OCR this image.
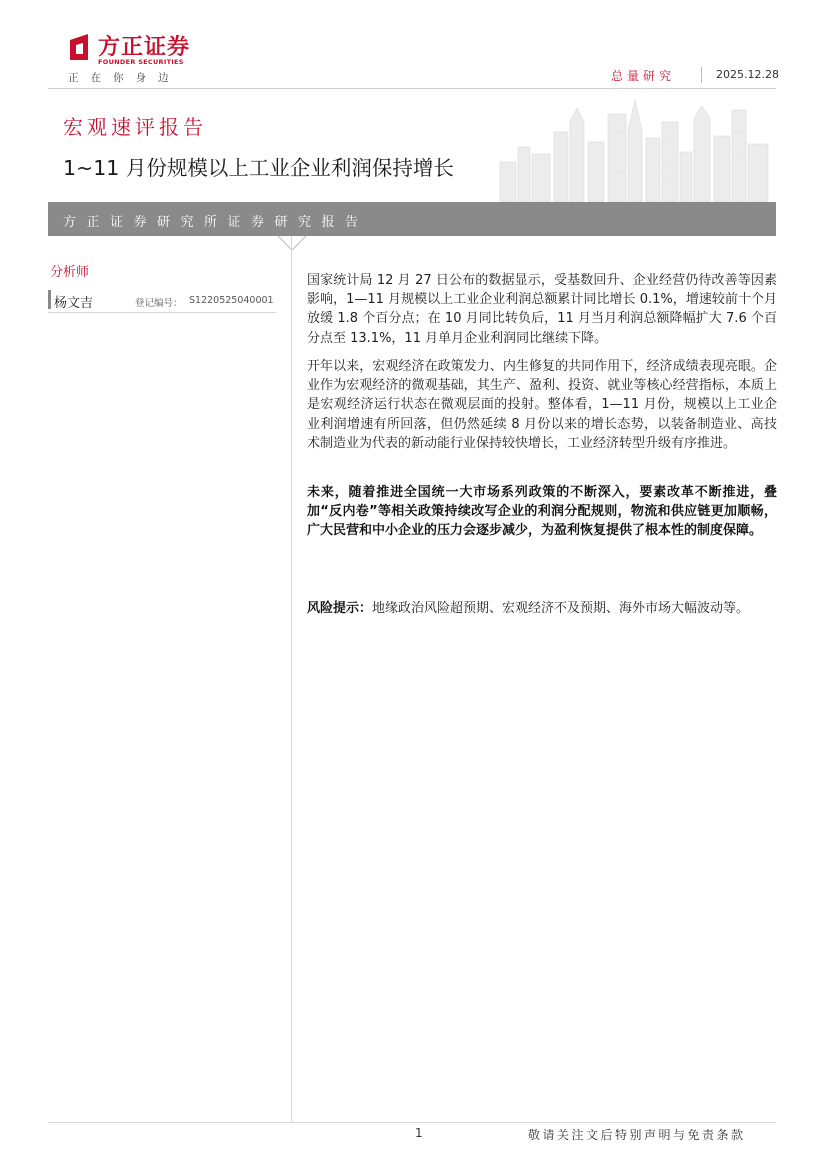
方正证券
FOUNDER SECURITIES
正在你身边	总量研究	2025.12.28
宏观速评报告
1~11 月份规模以上工业企业利润保持增长
方正证券研究所证券研究报告
分析师
杨文吉	登记编号： S1220525040001

国家统计局 12 月 27 日公布的数据显示，受基数回升、企业经营仍待改善等因素影响，1—11 月规模以上工业企业利润总额累计同比增长 0.1%，增速较前十个月放缓 1.8 个百分点；在 10 月同比转负后，11 月当月利润总额降幅扩大 7.6 个百分点至 13.1%，11 月单月企业利润同比继续下降。

开年以来，宏观经济在政策发力、内生修复的共同作用下，经济成绩表现亮眼。企业作为宏观经济的微观基础，其生产、盈利、投资、就业等核心经营指标，本质上是宏观经济运行状态在微观层面的投射。整体看，1—11 月份，规模以上工业企业利润增速有所回落，但仍然延续 8 月份以来的增长态势，以装备制造业、高技术制造业为代表的新动能行业保持较快增长，工业经济转型升级有序推进。

未来，随着推进全国统一大市场系列政策的不断深入，要素改革不断推进，叠加“反内卷”等相关政策持续改写企业的利润分配规则，物流和供应链更加顺畅，广大民营和中小企业的压力会逐步减少，为盈利恢复提供了根本性的制度保障。

风险提示：地缘政治风险超预期、宏观经济不及预期、海外市场大幅波动等。

1	敬请关注文后特别声明与免责条款
